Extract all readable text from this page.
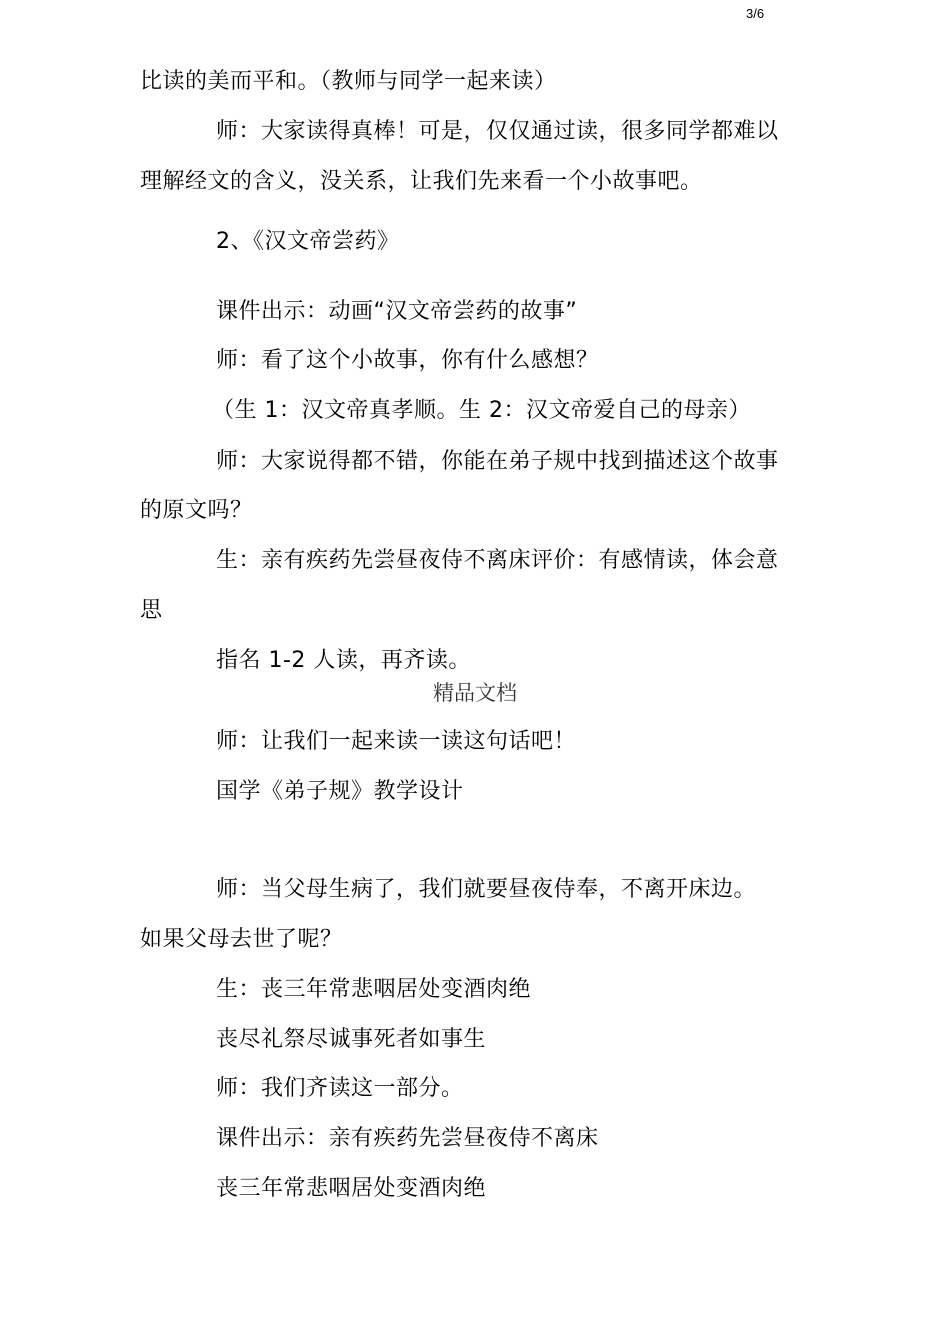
3/6
比读的美而平和。（教师与同学一起来读）
师：大家读得真棒！可是，仅仅通过读，很多同学都难以
理解经文的含义，没关系，让我们先来看一个小故事吧。
2、《汉文帝尝药》
课件出示：动画“汉文帝尝药的故事”
师：看了这个小故事，你有什么感想？
（生 1：汉文帝真孝顺。生 2：汉文帝爱自己的母亲）
师：大家说得都不错，你能在弟子规中找到描述这个故事
的原文吗？
生：亲有疾药先尝昼夜侍不离床评价：有感情读，体会意
思
指名 1-2 人读，再齐读。
精品文档
师：让我们一起来读一读这句话吧！
国学《弟子规》教学设计
师：当父母生病了，我们就要昼夜侍奉，不离开床边。
如果父母去世了呢？
生：丧三年常悲咽居处变酒肉绝
丧尽礼祭尽诚事死者如事生
师：我们齐读这一部分。
课件出示：亲有疾药先尝昼夜侍不离床
丧三年常悲咽居处变酒肉绝
